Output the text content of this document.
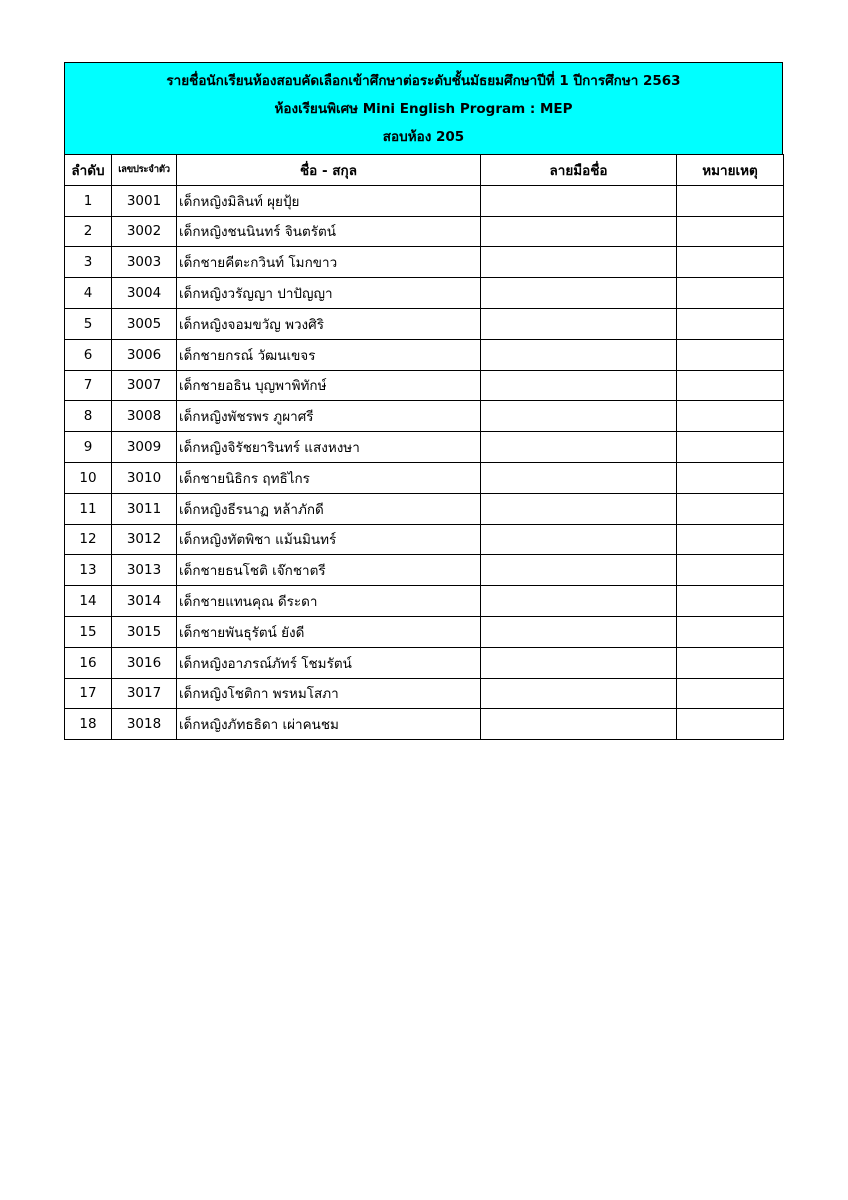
รายชื่อนักเรียนห้องสอบคัดเลือกเข้าศึกษาต่อระดับชั้นมัธยมศึกษาปีที่ 1 ปีการศึกษา 2563
ห้องเรียนพิเศษ Mini English Program : MEP
สอบห้อง 205
ลำดับ	เลขประจำตัว	ชื่อ - สกุล	ลายมือชื่อ	หมายเหตุ
1	3001	เด็กหญิงมิลินท์ ผุยปุ้ย		
2	3002	เด็กหญิงชนนินทร์ จินตรัตน์		
3	3003	เด็กชายคีตะกวินท์ โมกขาว		
4	3004	เด็กหญิงวรัญญา ปาปัญญา		
5	3005	เด็กหญิงจอมขวัญ พวงศิริ		
6	3006	เด็กชายกรณ์ วัฒนเขจร		
7	3007	เด็กชายอธิน บุญพาพิทักษ์		
8	3008	เด็กหญิงพัชรพร ภูผาศรี		
9	3009	เด็กหญิงจิรัชยารินทร์ แสงหงษา		
10	3010	เด็กชายนิธิกร ฤทธิไกร		
11	3011	เด็กหญิงธีรนาฏ หล้าภักดี		
12	3012	เด็กหญิงทัตพิชา แม้นมินทร์		
13	3013	เด็กชายธนโชติ เจ๊กชาตรี		
14	3014	เด็กชายแทนคุณ ดีระดา		
15	3015	เด็กชายพันธุรัตน์ ยังดี		
16	3016	เด็กหญิงอาภรณ์ภัทร์ โชมรัตน์		
17	3017	เด็กหญิงโชติกา พรหมโสภา		
18	3018	เด็กหญิงภัทธธิดา เผ่าคนชม		
